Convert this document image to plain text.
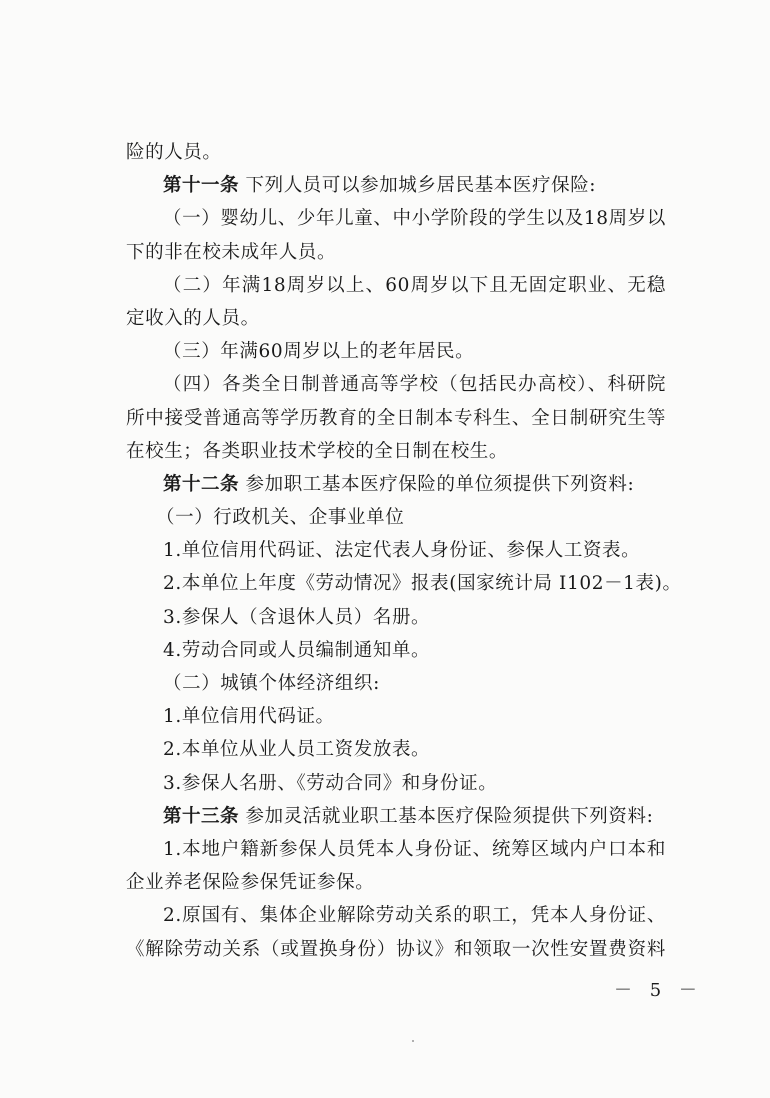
险的人员。
第十一条 下列人员可以参加城乡居民基本医疗保险:
（一）婴幼儿、少年儿童、中小学阶段的学生以及18周岁以
下的非在校未成年人员。
（二）年满18周岁以上、60周岁以下且无固定职业、无稳
定收入的人员。
（三）年满60周岁以上的老年居民。
（四）各类全日制普通高等学校（包括民办高校）、科研院
所中接受普通高等学历教育的全日制本专科生、全日制研究生等
在校生；各类职业技术学校的全日制在校生。
第十二条 参加职工基本医疗保险的单位须提供下列资料:
（一）行政机关、企事业单位
1.单位信用代码证、法定代表人身份证、参保人工资表。
2.本单位上年度《劳动情况》报表(国家统计局 I102－1表)。
3.参保人（含退休人员）名册。
4.劳动合同或人员编制通知单。
（二）城镇个体经济组织:
1.单位信用代码证。
2.本单位从业人员工资发放表。
3.参保人名册、《劳动合同》和身份证。
第十三条 参加灵活就业职工基本医疗保险须提供下列资料:
1.本地户籍新参保人员凭本人身份证、统筹区域内户口本和
企业养老保险参保凭证参保。
2.原国有、集体企业解除劳动关系的职工，凭本人身份证、
《解除劳动关系（或置换身份）协议》和领取一次性安置费资料
－ 5 －
